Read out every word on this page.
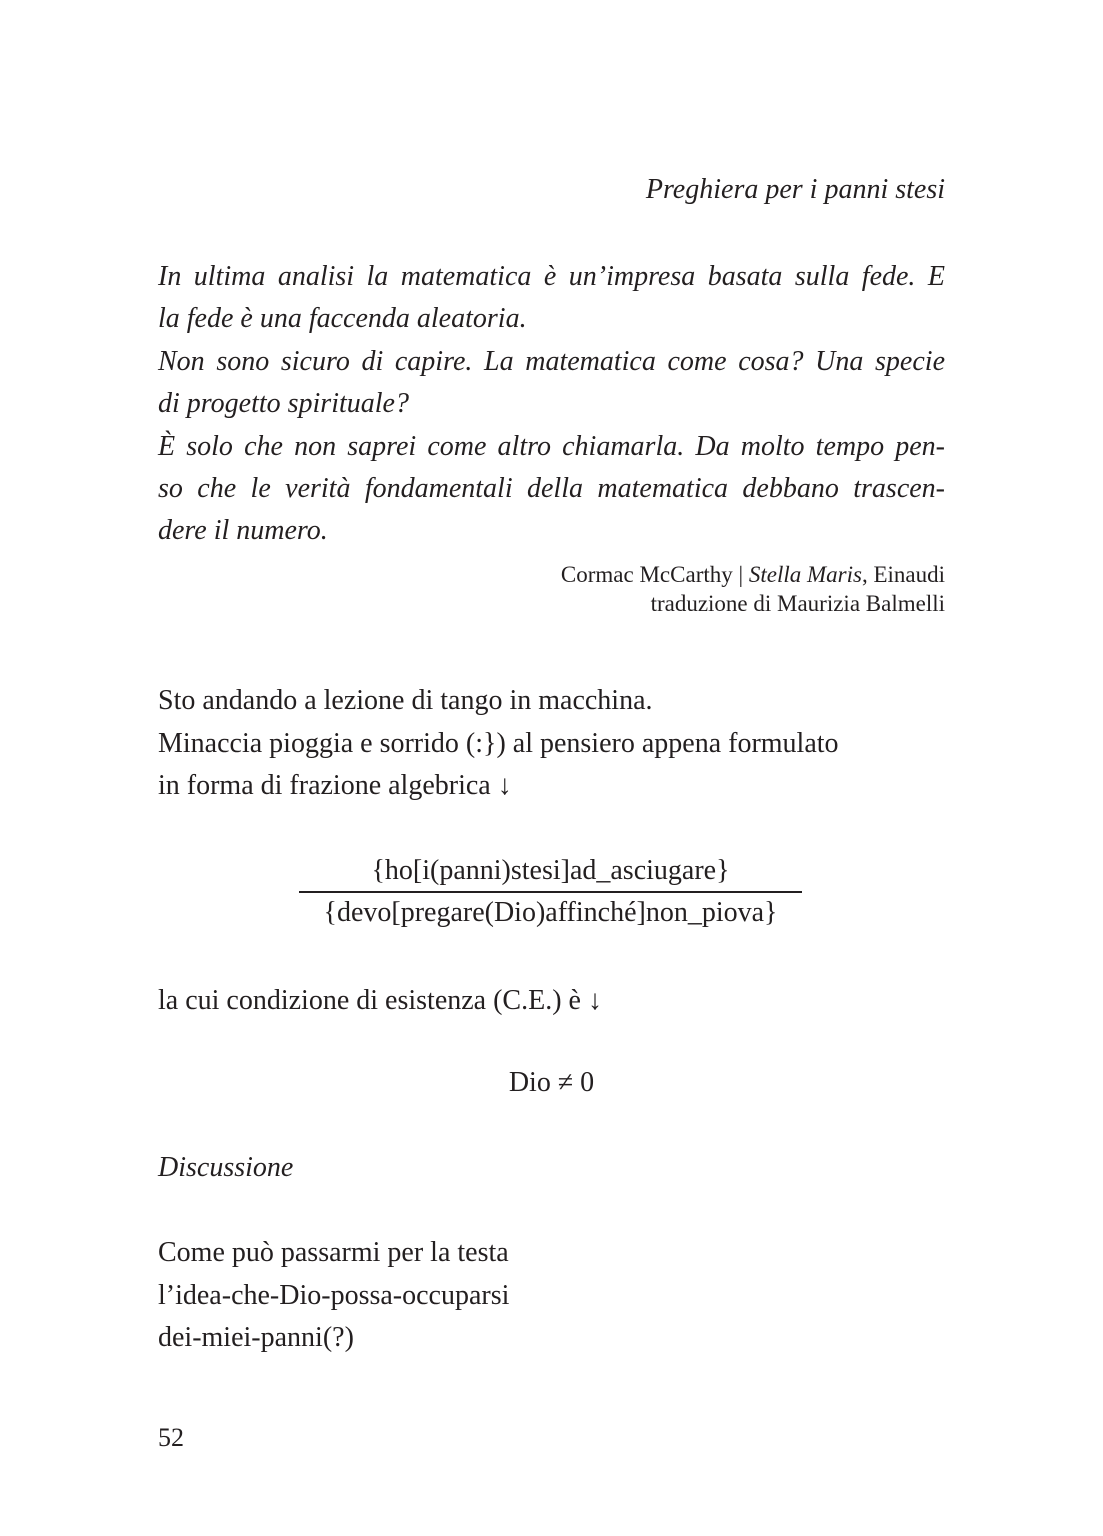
Preghiera per i panni stesi
In ultima analisi la matematica è un’impresa basata sulla fede. E
la fede è una faccenda aleatoria.
Non sono sicuro di capire. La matematica come cosa? Una specie
di progetto spirituale?
È solo che non saprei come altro chiamarla. Da molto tempo pen-
so che le verità fondamentali della matematica debbano trascen-
dere il numero.
Cormac McCarthy | Stella Maris, Einaudi
traduzione di Maurizia Balmelli
Sto andando a lezione di tango in macchina.
Minaccia pioggia e sorrido (:}) al pensiero appena formulato
in forma di frazione algebrica ↓
{ho[i(panni)stesi]ad_asciugare}
{devo[pregare(Dio)affinché]non_piova}
la cui condizione di esistenza (C.E.) è ↓
Dio ≠ 0
Discussione
Come può passarmi per la testa
l’idea-che-Dio-possa-occuparsi
dei-miei-panni(?)
52
